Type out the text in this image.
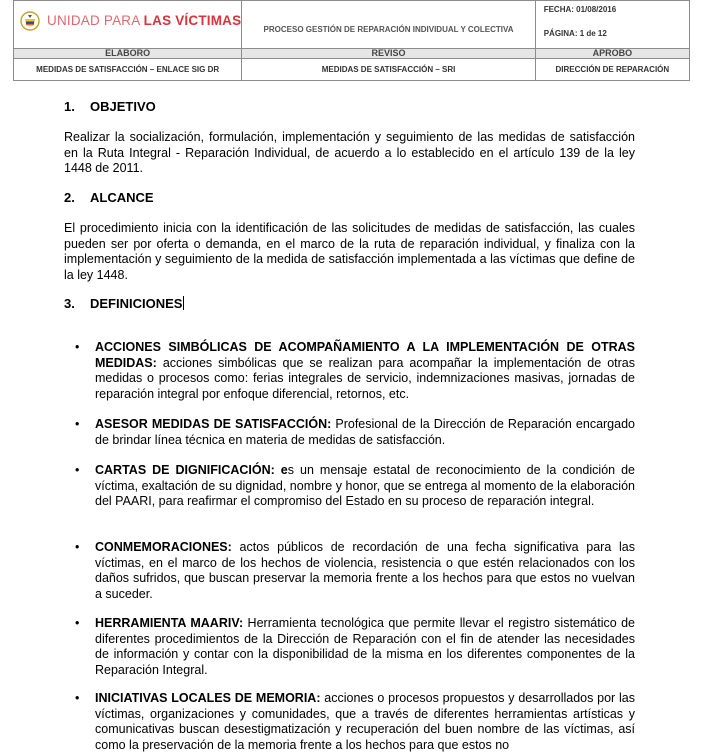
UNIDAD PARA LAS VÍCTIMAS	PROCESO GESTIÓN DE REPARACIÓN INDIVIDUAL Y COLECTIVA	FECHA: 01/08/2016
PÁGINA: 1 de 12

ELABORO	REVISO	APROBO
MEDIDAS DE SATISFACCIÓN – ENLACE SIG DR	MEDIDAS DE SATISFACCIÓN – SRI	DIRECCIÓN DE REPARACIÓN
1. OBJETIVO
Realizar la socialización, formulación, implementación y seguimiento de las medidas de satisfacción en la Ruta Integral - Reparación Individual, de acuerdo a lo establecido en el artículo 139 de la ley 1448 de 2011.
2. ALCANCE
El procedimiento inicia con la identificación de las solicitudes de medidas de satisfacción, las cuales pueden ser por oferta o demanda, en el marco de la ruta de reparación individual, y finaliza con la implementación y seguimiento de la medida de satisfacción implementada a las víctimas que define de la ley 1448.
3. DEFINICIONES
• ACCIONES SIMBÓLICAS DE ACOMPAÑAMIENTO A LA IMPLEMENTACIÓN DE OTRAS MEDIDAS: acciones simbólicas que se realizan para acompañar la implementación de otras medidas o procesos como: ferias integrales de servicio, indemnizaciones masivas, jornadas de reparación integral por enfoque diferencial, retornos, etc.
• ASESOR MEDIDAS DE SATISFACCIÓN: Profesional de la Dirección de Reparación encargado de brindar línea técnica en materia de medidas de satisfacción.
• CARTAS DE DIGNIFICACIÓN: es un mensaje estatal de reconocimiento de la condición de víctima, exaltación de su dignidad, nombre y honor, que se entrega al momento de la elaboración del PAARI, para reafirmar el compromiso del Estado en su proceso de reparación integral.
• CONMEMORACIONES: actos públicos de recordación de una fecha significativa para las víctimas, en el marco de los hechos de violencia, resistencia o que estén relacionados con los daños sufridos, que buscan preservar la memoria frente a los hechos para que estos no vuelvan a suceder.
• HERRAMIENTA MAARIV: Herramienta tecnológica que permite llevar el registro sistemático de diferentes procedimientos de la Dirección de Reparación con el fin de atender las necesidades de información y contar con la disponibilidad de la misma en los diferentes componentes de la Reparación Integral.
• INICIATIVAS LOCALES DE MEMORIA: acciones o procesos propuestos y desarrollados por las víctimas, organizaciones y comunidades, que a través de diferentes herramientas artísticas y comunicativas buscan desestigmatización y recuperación del buen nombre de las víctimas, así como la preservación de la memoria frente a los hechos para que estos no
